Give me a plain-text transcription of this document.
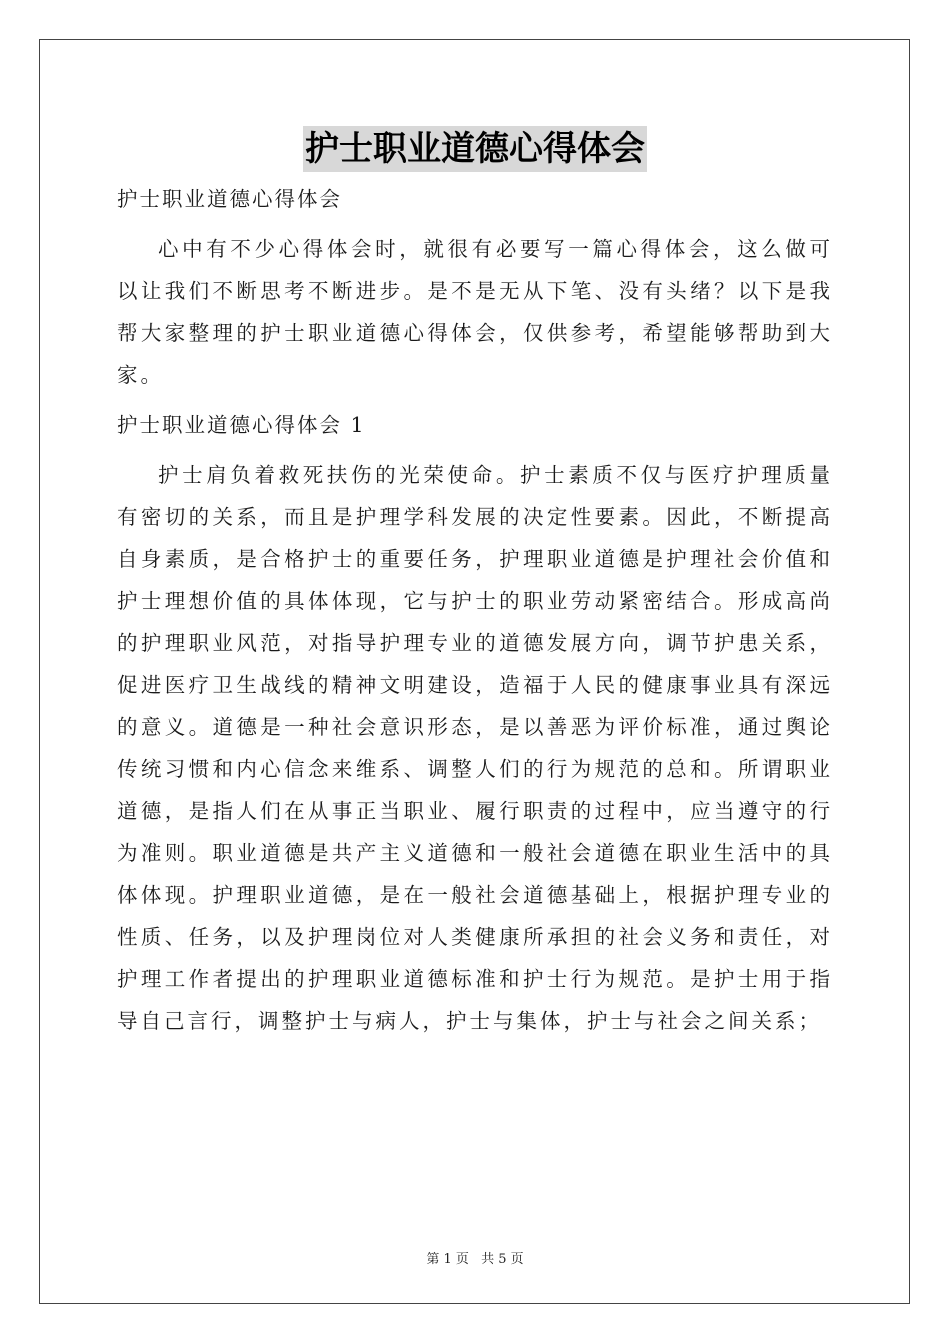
护士职业道德心得体会

护士职业道德心得体会

心中有不少心得体会时，就很有必要写一篇心得体会，这么做可以让我们不断思考不断进步。是不是无从下笔、没有头绪？以下是我帮大家整理的护士职业道德心得体会，仅供参考，希望能够帮助到大家。

护士职业道德心得体会 1

护士肩负着救死扶伤的光荣使命。护士素质不仅与医疗护理质量有密切的关系，而且是护理学科发展的决定性要素。因此，不断提高自身素质，是合格护士的重要任务，护理职业道德是护理社会价值和护士理想价值的具体体现，它与护士的职业劳动紧密结合。形成高尚的护理职业风范，对指导护理专业的道德发展方向，调节护患关系，促进医疗卫生战线的精神文明建设，造福于人民的健康事业具有深远的意义。道德是一种社会意识形态，是以善恶为评价标准，通过舆论传统习惯和内心信念来维系、调整人们的行为规范的总和。所谓职业道德，是指人们在从事正当职业、履行职责的过程中，应当遵守的行为准则。职业道德是共产主义道德和一般社会道德在职业生活中的具体体现。护理职业道德，是在一般社会道德基础上，根据护理专业的性质、任务，以及护理岗位对人类健康所承担的社会义务和责任，对护理工作者提出的护理职业道德标准和护士行为规范。是护士用于指导自己言行，调整护士与病人，护士与集体，护士与社会之间关系；

第 1 页 共 5 页
